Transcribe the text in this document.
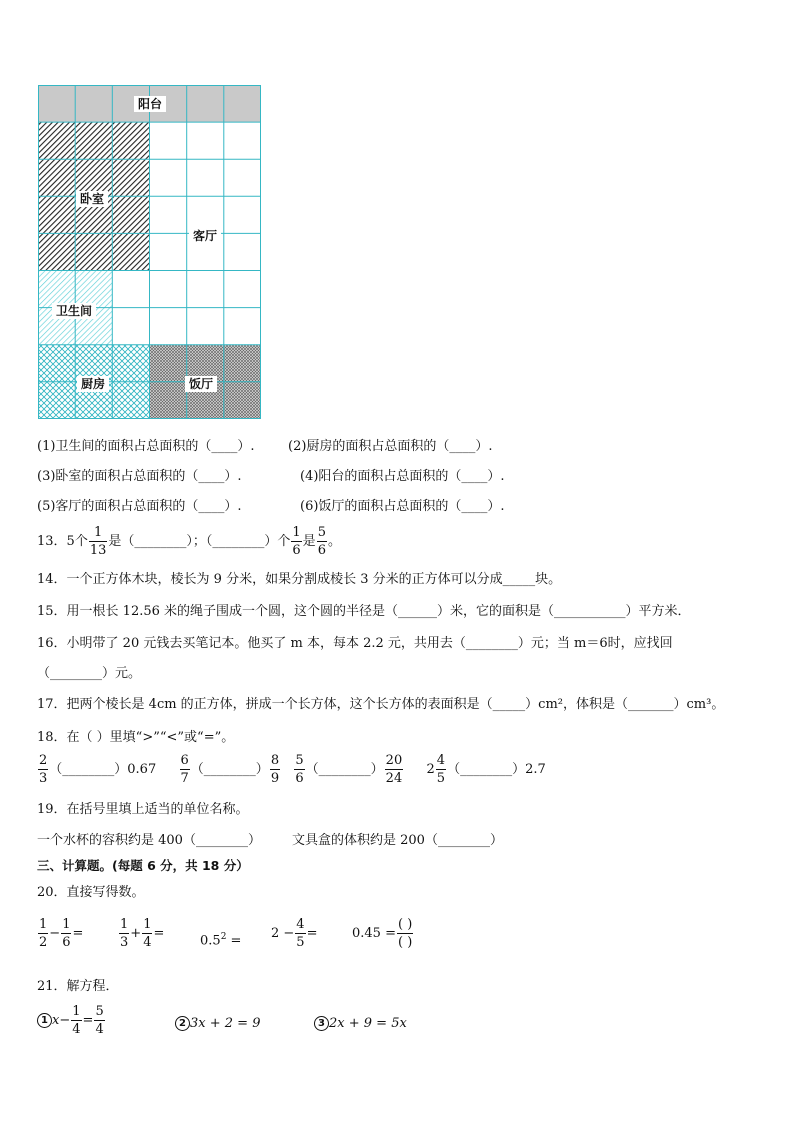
阳台
卧室
客厅
卫生间
厨房	饭厅
(1)卫生间的面积占总面积的（____）.	(2)厨房的面积占总面积的（____）.
(3)卧室的面积占总面积的（____）.	(4)阳台的面积占总面积的（____）.
(5)客厅的面积占总面积的（____）.	(6)饭厅的面积占总面积的（____）.
13．5个 $\frac{1}{13}$ 是（________）；（________）个 $\frac{1}{6}$ 是 $\frac{5}{6}$ 。
14．一个正方体木块，棱长为 9 分米，如果分割成棱长 3 分米的正方体可以分成_____块。
15．用一根长 12.56 米的绳子围成一个圆，这个圆的半径是（______）米，它的面积是（___________）平方米．
16．小明带了 20 元钱去买笔记本。他买了 m 本，每本 2.2 元，共用去（________）元；当 m＝6时，应找回
（________）元。
17．把两个棱长是 4cm 的正方体，拼成一个长方体，这个长方体的表面积是（_____）cm²，体积是（_______）cm³。
18．在（ ）里填“>”“<”或“=”。
$\frac{2}{3}$ （________）0.67 $\frac{6}{7}$ （________） $\frac{8}{9}$
$\frac{5}{6}$ （________） $\frac{20}{24} 2 \frac{4}{5}$ （________）2.7
19．在括号里填上适当的单位名称。
一个水杯的容积约是 400（________） 文具盒的体积约是 200（________）
三、计算题。(每题 6 分，共 18 分）
20．直接写得数。
$\frac{1}{2} - \frac{1}{6}$ =	$\frac{1}{3} + \frac{1}{4}$ =	$0.5^2 = 2 - \frac{4}{5}$ =	$0.45 = \frac{( )}{( )}$
21．解方程．
1 $x- \frac{1}{4} = \frac{5}{4}$	2 3x + 2 = 9	3 2x + 9 = 5x
